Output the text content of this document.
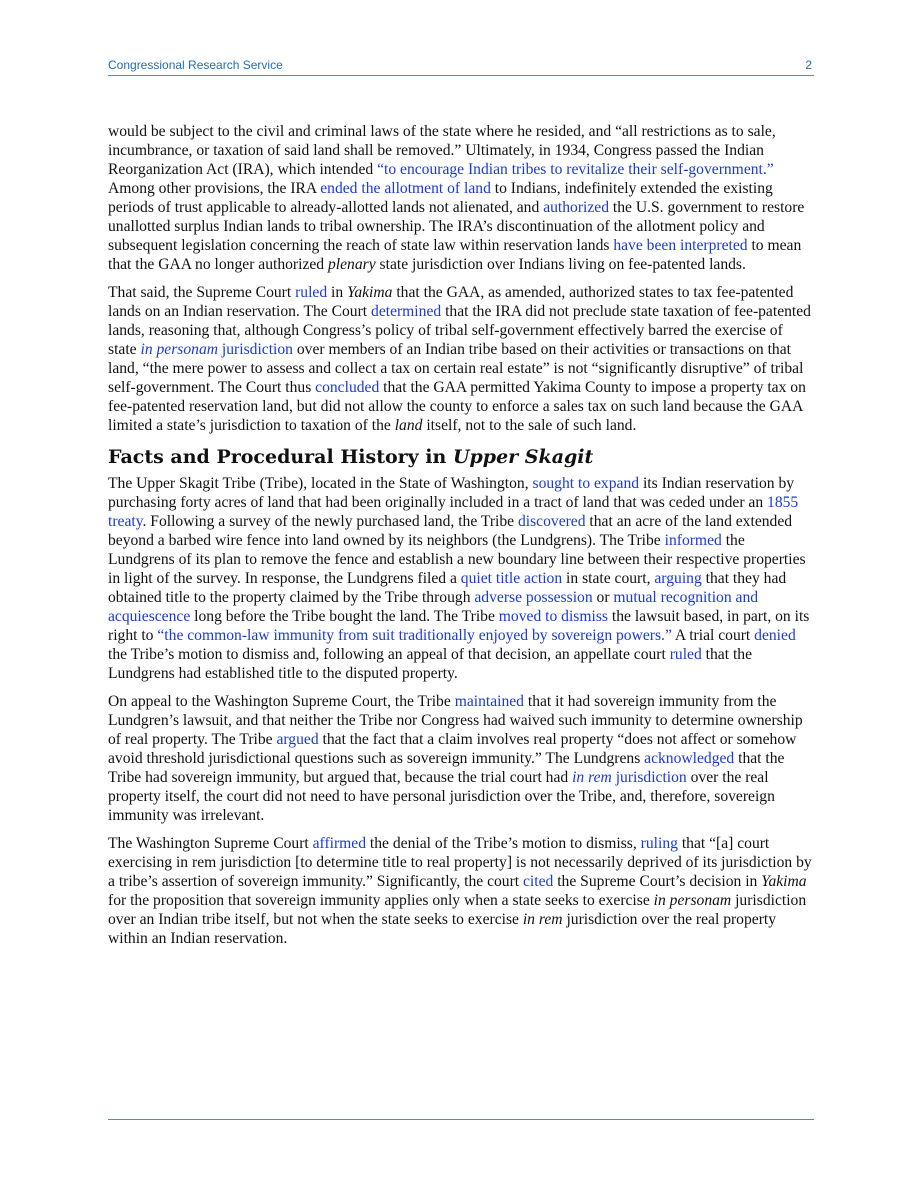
Congressional Research Service	2

would be subject to the civil and criminal laws of the state where he resided, and “all restrictions as to sale, incumbrance, or taxation of said land shall be removed.” Ultimately, in 1934, Congress passed the Indian Reorganization Act (IRA), which intended “to encourage Indian tribes to revitalize their self-government.” Among other provisions, the IRA ended the allotment of land to Indians, indefinitely extended the existing periods of trust applicable to already-allotted lands not alienated, and authorized the U.S. government to restore unallotted surplus Indian lands to tribal ownership. The IRA’s discontinuation of the allotment policy and subsequent legislation concerning the reach of state law within reservation lands have been interpreted to mean that the GAA no longer authorized plenary state jurisdiction over Indians living on fee-patented lands.

That said, the Supreme Court ruled in Yakima that the GAA, as amended, authorized states to tax fee-patented lands on an Indian reservation. The Court determined that the IRA did not preclude state taxation of fee-patented lands, reasoning that, although Congress’s policy of tribal self-government effectively barred the exercise of state in personam jurisdiction over members of an Indian tribe based on their activities or transactions on that land, “the mere power to assess and collect a tax on certain real estate” is not “significantly disruptive” of tribal self-government. The Court thus concluded that the GAA permitted Yakima County to impose a property tax on fee-patented reservation land, but did not allow the county to enforce a sales tax on such land because the GAA limited a state’s jurisdiction to taxation of the land itself, not to the sale of such land.

Facts and Procedural History in Upper Skagit

The Upper Skagit Tribe (Tribe), located in the State of Washington, sought to expand its Indian reservation by purchasing forty acres of land that had been originally included in a tract of land that was ceded under an 1855 treaty. Following a survey of the newly purchased land, the Tribe discovered that an acre of the land extended beyond a barbed wire fence into land owned by its neighbors (the Lundgrens). The Tribe informed the Lundgrens of its plan to remove the fence and establish a new boundary line between their respective properties in light of the survey. In response, the Lundgrens filed a quiet title action in state court, arguing that they had obtained title to the property claimed by the Tribe through adverse possession or mutual recognition and acquiescence long before the Tribe bought the land. The Tribe moved to dismiss the lawsuit based, in part, on its right to “the common-law immunity from suit traditionally enjoyed by sovereign powers.” A trial court denied the Tribe’s motion to dismiss and, following an appeal of that decision, an appellate court ruled that the Lundgrens had established title to the disputed property.

On appeal to the Washington Supreme Court, the Tribe maintained that it had sovereign immunity from the Lundgren’s lawsuit, and that neither the Tribe nor Congress had waived such immunity to determine ownership of real property. The Tribe argued that the fact that a claim involves real property “does not affect or somehow avoid threshold jurisdictional questions such as sovereign immunity.” The Lundgrens acknowledged that the Tribe had sovereign immunity, but argued that, because the trial court had in rem jurisdiction over the real property itself, the court did not need to have personal jurisdiction over the Tribe, and, therefore, sovereign immunity was irrelevant.

The Washington Supreme Court affirmed the denial of the Tribe’s motion to dismiss, ruling that “[a] court exercising in rem jurisdiction [to determine title to real property] is not necessarily deprived of its jurisdiction by a tribe’s assertion of sovereign immunity.” Significantly, the court cited the Supreme Court’s decision in Yakima for the proposition that sovereign immunity applies only when a state seeks to exercise in personam jurisdiction over an Indian tribe itself, but not when the state seeks to exercise in rem jurisdiction over the real property within an Indian reservation.
